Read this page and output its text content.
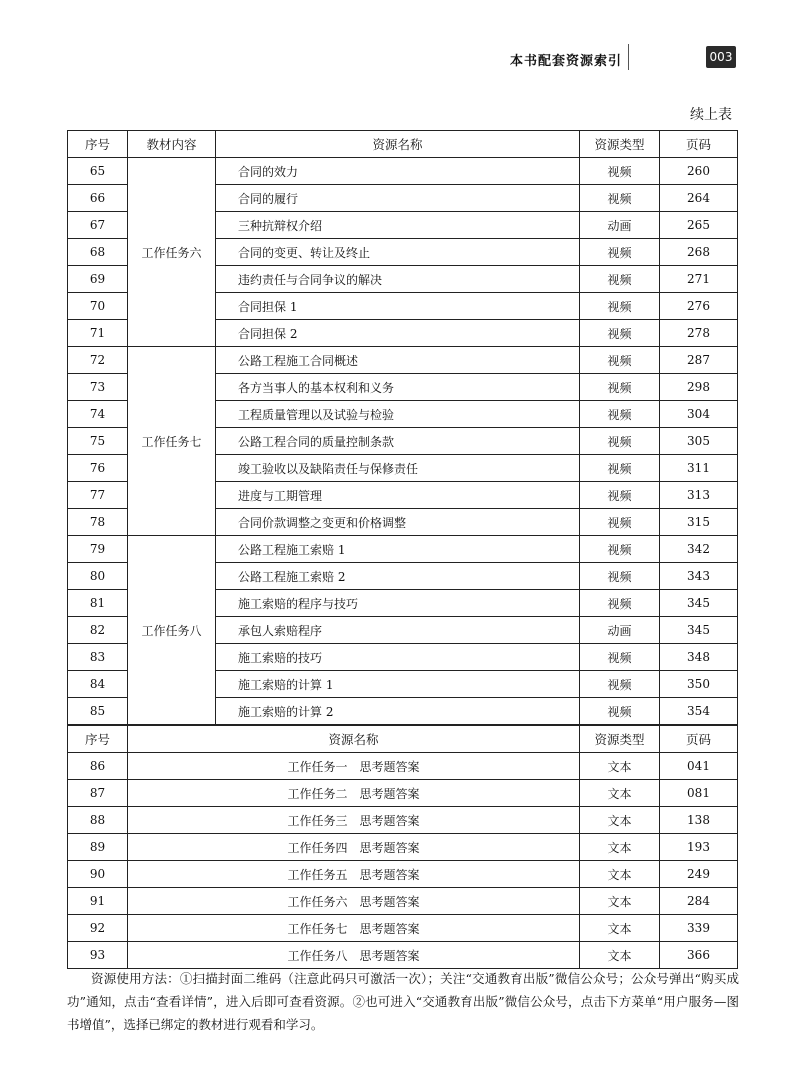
本书配套资源索引	003
续上表
序号	教材内容	资源名称	资源类型	页码
65	工作任务六	合同的效力	视频	260
66		合同的履行	视频	264
67		三种抗辩权介绍	动画	265
68		合同的变更、转让及终止	视频	268
69		违约责任与合同争议的解决	视频	271
70		合同担保 1	视频	276
71		合同担保 2	视频	278
72	工作任务七	公路工程施工合同概述	视频	287
73		各方当事人的基本权利和义务	视频	298
74		工程质量管理以及试验与检验	视频	304
75		公路工程合同的质量控制条款	视频	305
76		竣工验收以及缺陷责任与保修责任	视频	311
77		进度与工期管理	视频	313
78		合同价款调整之变更和价格调整	视频	315
79	工作任务八	公路工程施工索赔 1	视频	342
80		公路工程施工索赔 2	视频	343
81		施工索赔的程序与技巧	视频	345
82		承包人索赔程序	动画	345
83		施工索赔的技巧	视频	348
84		施工索赔的计算 1	视频	350
85		施工索赔的计算 2	视频	354
序号	资源名称		资源类型	页码
86	工作任务一　思考题答案		文本	041
87	工作任务二　思考题答案		文本	081
88	工作任务三　思考题答案		文本	138
89	工作任务四　思考题答案		文本	193
90	工作任务五　思考题答案		文本	249
91	工作任务六　思考题答案		文本	284
92	工作任务七　思考题答案		文本	339
93	工作任务八　思考题答案		文本	366
资源使用方法：①扫描封面二维码（注意此码只可激活一次）；关注“交通教育出版”微信公众号；公众号弹出“购买成功”通知，点击“查看详情”，进入后即可查看资源。②也可进入“交通教育出版”微信公众号，点击下方菜单“用户服务—图书增值”，选择已绑定的教材进行观看和学习。
